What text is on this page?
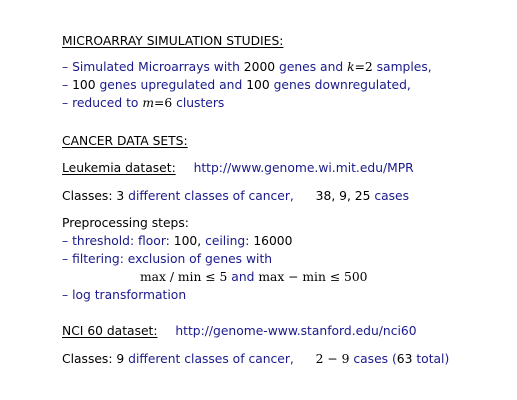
MICROARRAY SIMULATION STUDIES:
– Simulated Microarrays with 2000 genes and k=2 samples,
– 100 genes upregulated and 100 genes downregulated,
– reduced to m=6 clusters
CANCER DATA SETS:
Leukemia dataset: http://www.genome.wi.mit.edu/MPR
Classes: 3 different classes of cancer, 38, 9, 25 cases
Preprocessing steps:
– threshold: floor: 100, ceiling: 16000
– filtering: exclusion of genes with
max / min ≤ 5 and max − min ≤ 500
– log transformation
NCI 60 dataset: http://genome-www.stanford.edu/nci60
Classes: 9 different classes of cancer, 2 − 9 cases (63 total)
